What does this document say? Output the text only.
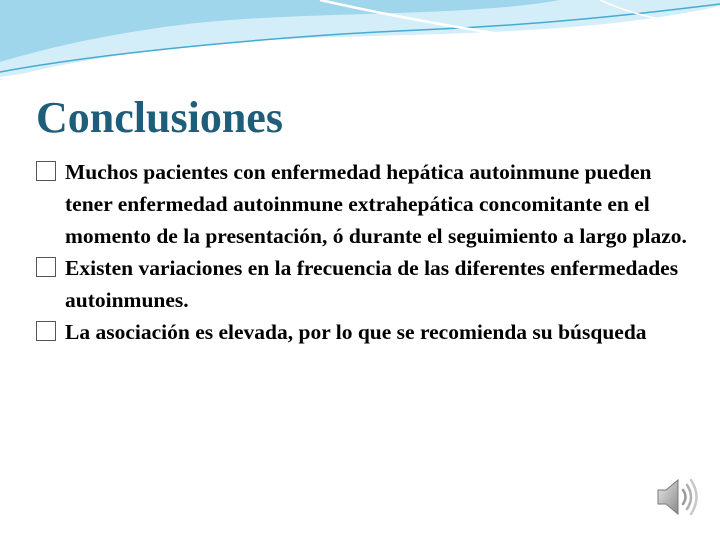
Conclusiones
Muchos pacientes con enfermedad hepática autoinmune pueden tener enfermedad autoinmune extrahepática concomitante en el momento de la presentación, ó durante el seguimiento a largo plazo.
Existen variaciones en la frecuencia de las diferentes enfermedades autoinmunes.
La asociación es elevada, por lo que se recomienda su búsqueda
